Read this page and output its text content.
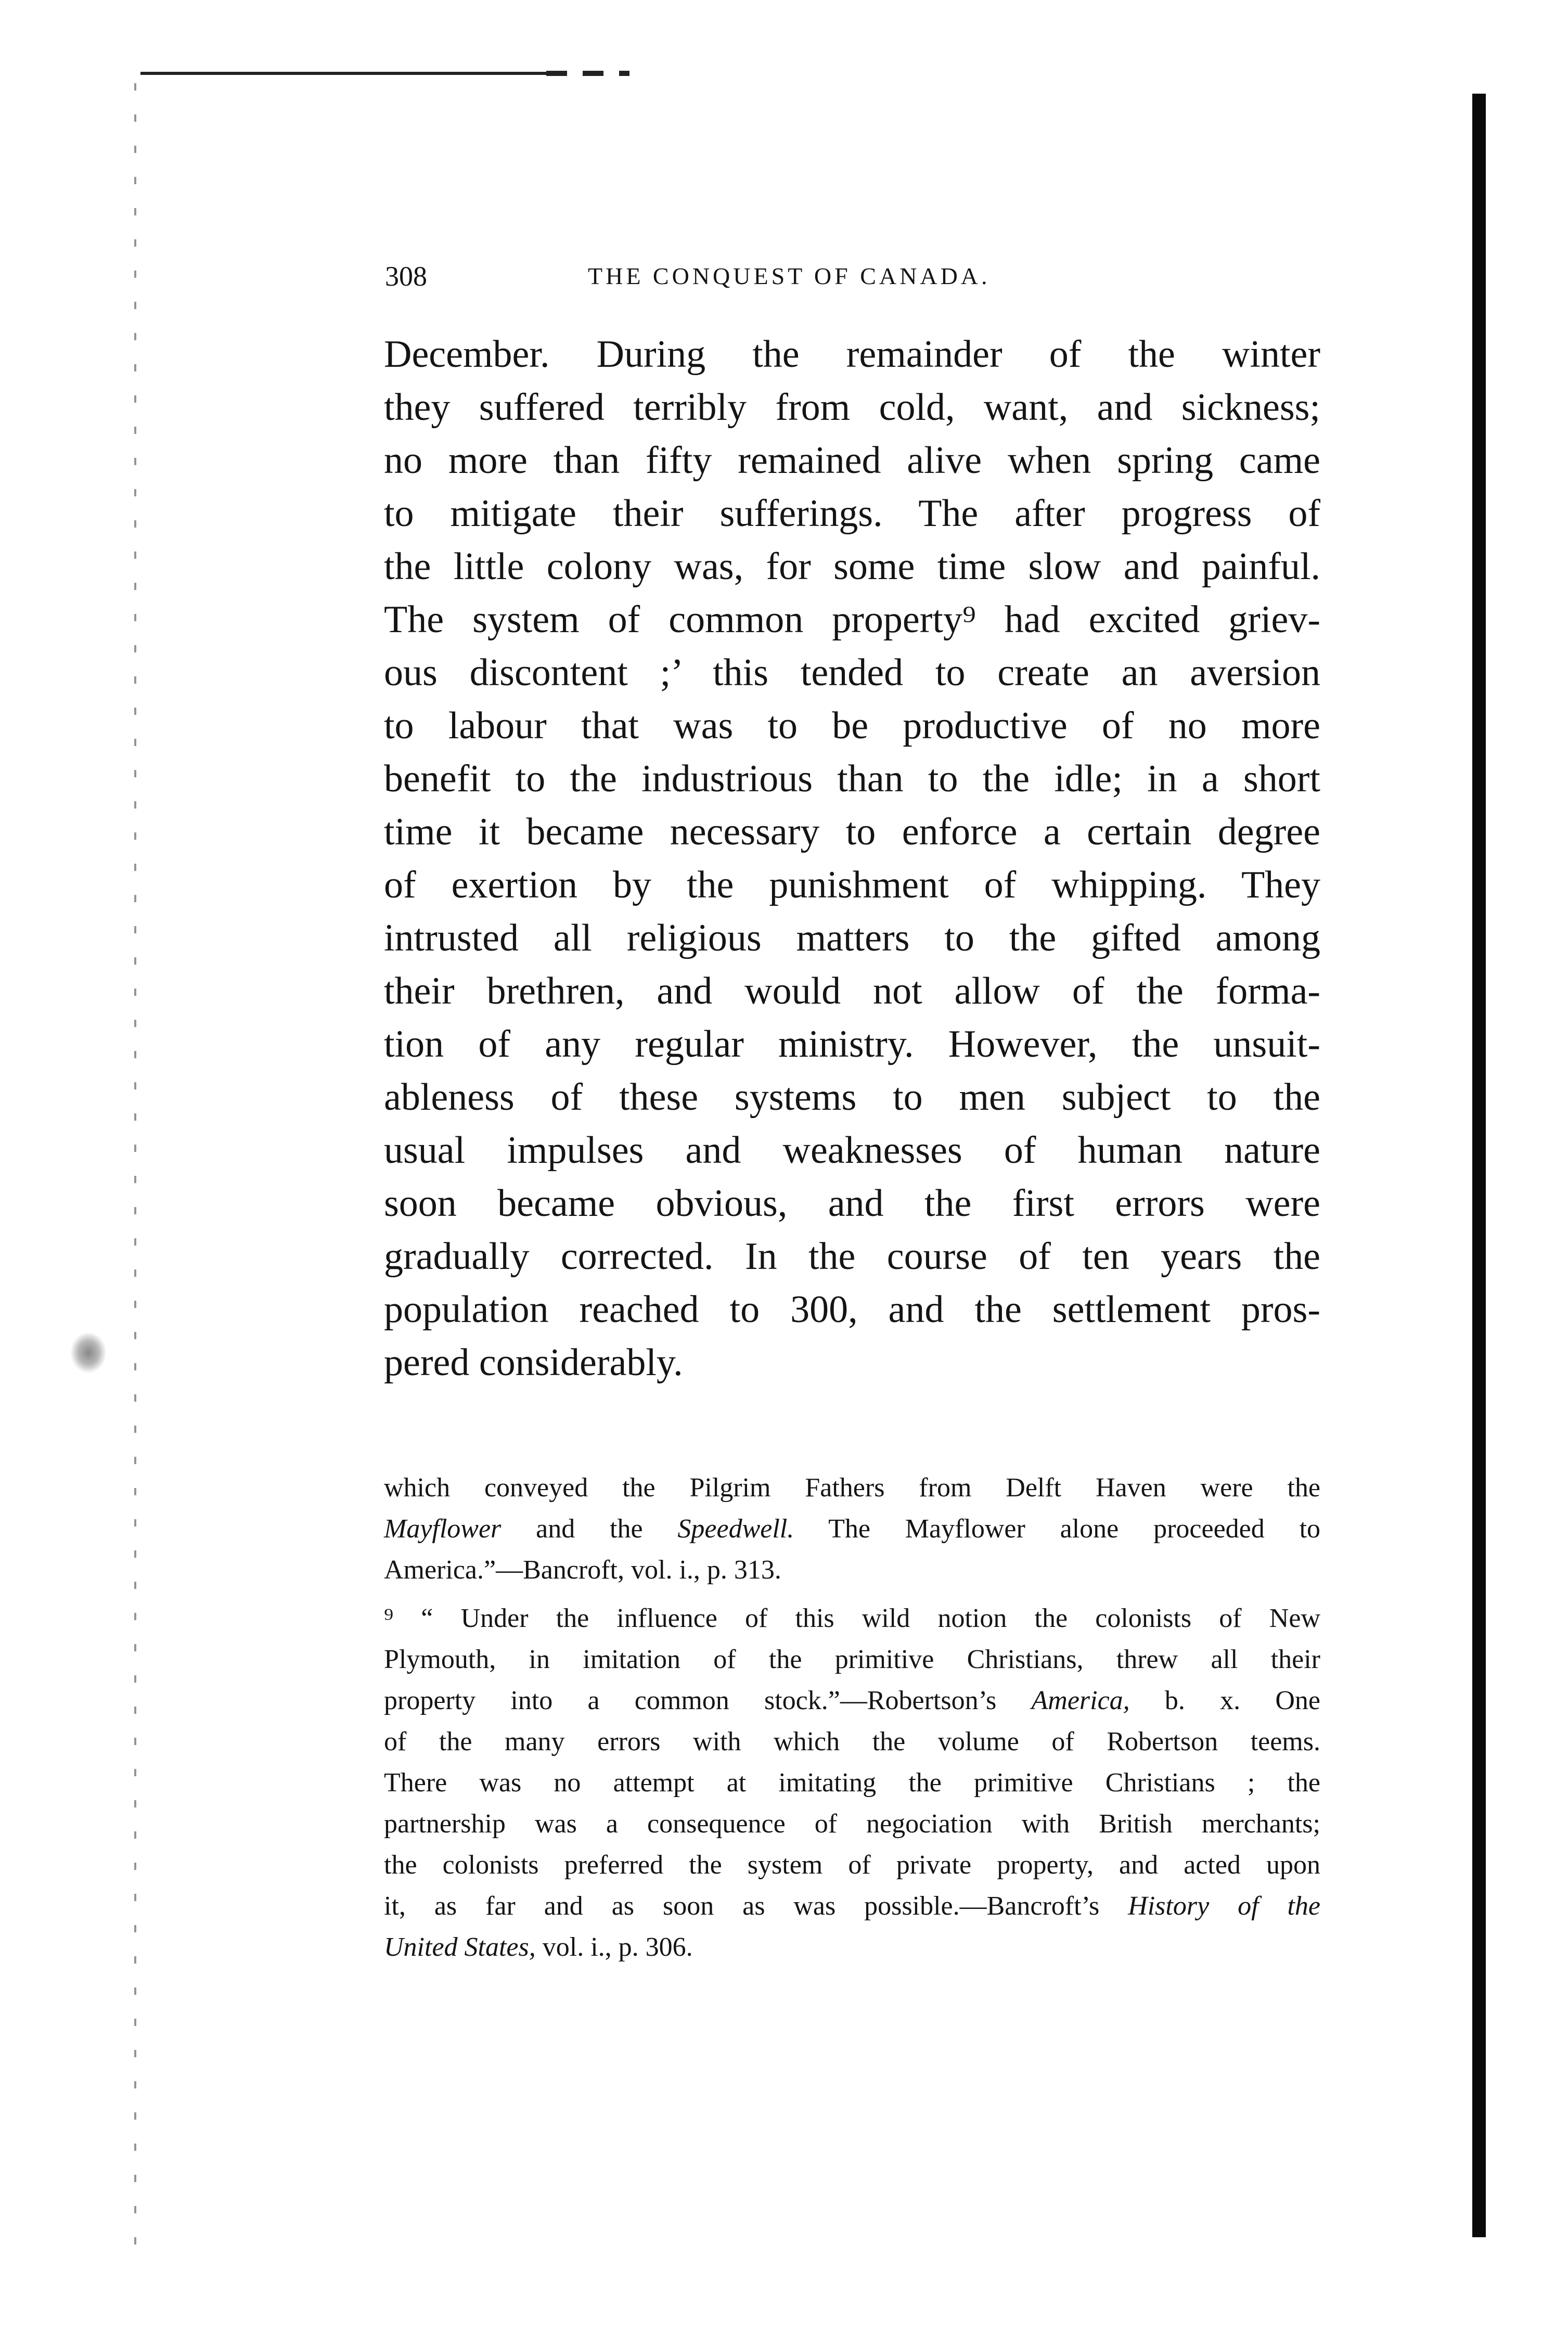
308	THE CONQUEST OF CANADA.
December. During the remainder of the winter
they suffered terribly from cold, want, and sickness;
no more than fifty remained alive when spring came
to mitigate their sufferings. The after progress of
the little colony was, for some time slow and painful.
The system of common property⁹ had excited griev-
ous discontent ;’ this tended to create an aversion
to labour that was to be productive of no more
benefit to the industrious than to the idle; in a short
time it became necessary to enforce a certain degree
of exertion by the punishment of whipping. They
intrusted all religious matters to the gifted among
their brethren, and would not allow of the forma-
tion of any regular ministry. However, the unsuit-
ableness of these systems to men subject to the
usual impulses and weaknesses of human nature
soon became obvious, and the first errors were
gradually corrected. In the course of ten years the
population reached to 300, and the settlement pros-
pered considerably.
which conveyed the Pilgrim Fathers from Delft Haven were the
Mayflower and the Speedwell. The Mayflower alone proceeded to
America.”—Bancroft, vol. i., p. 313.
⁹ “ Under the influence of this wild notion the colonists of New
Plymouth, in imitation of the primitive Christians, threw all their
property into a common stock.”—Robertson’s America, b. x. One
of the many errors with which the volume of Robertson teems.
There was no attempt at imitating the primitive Christians ; the
partnership was a consequence of negociation with British merchants;
the colonists preferred the system of private property, and acted upon
it, as far and as soon as was possible.—Bancroft’s History of the
United States, vol. i., p. 306.
